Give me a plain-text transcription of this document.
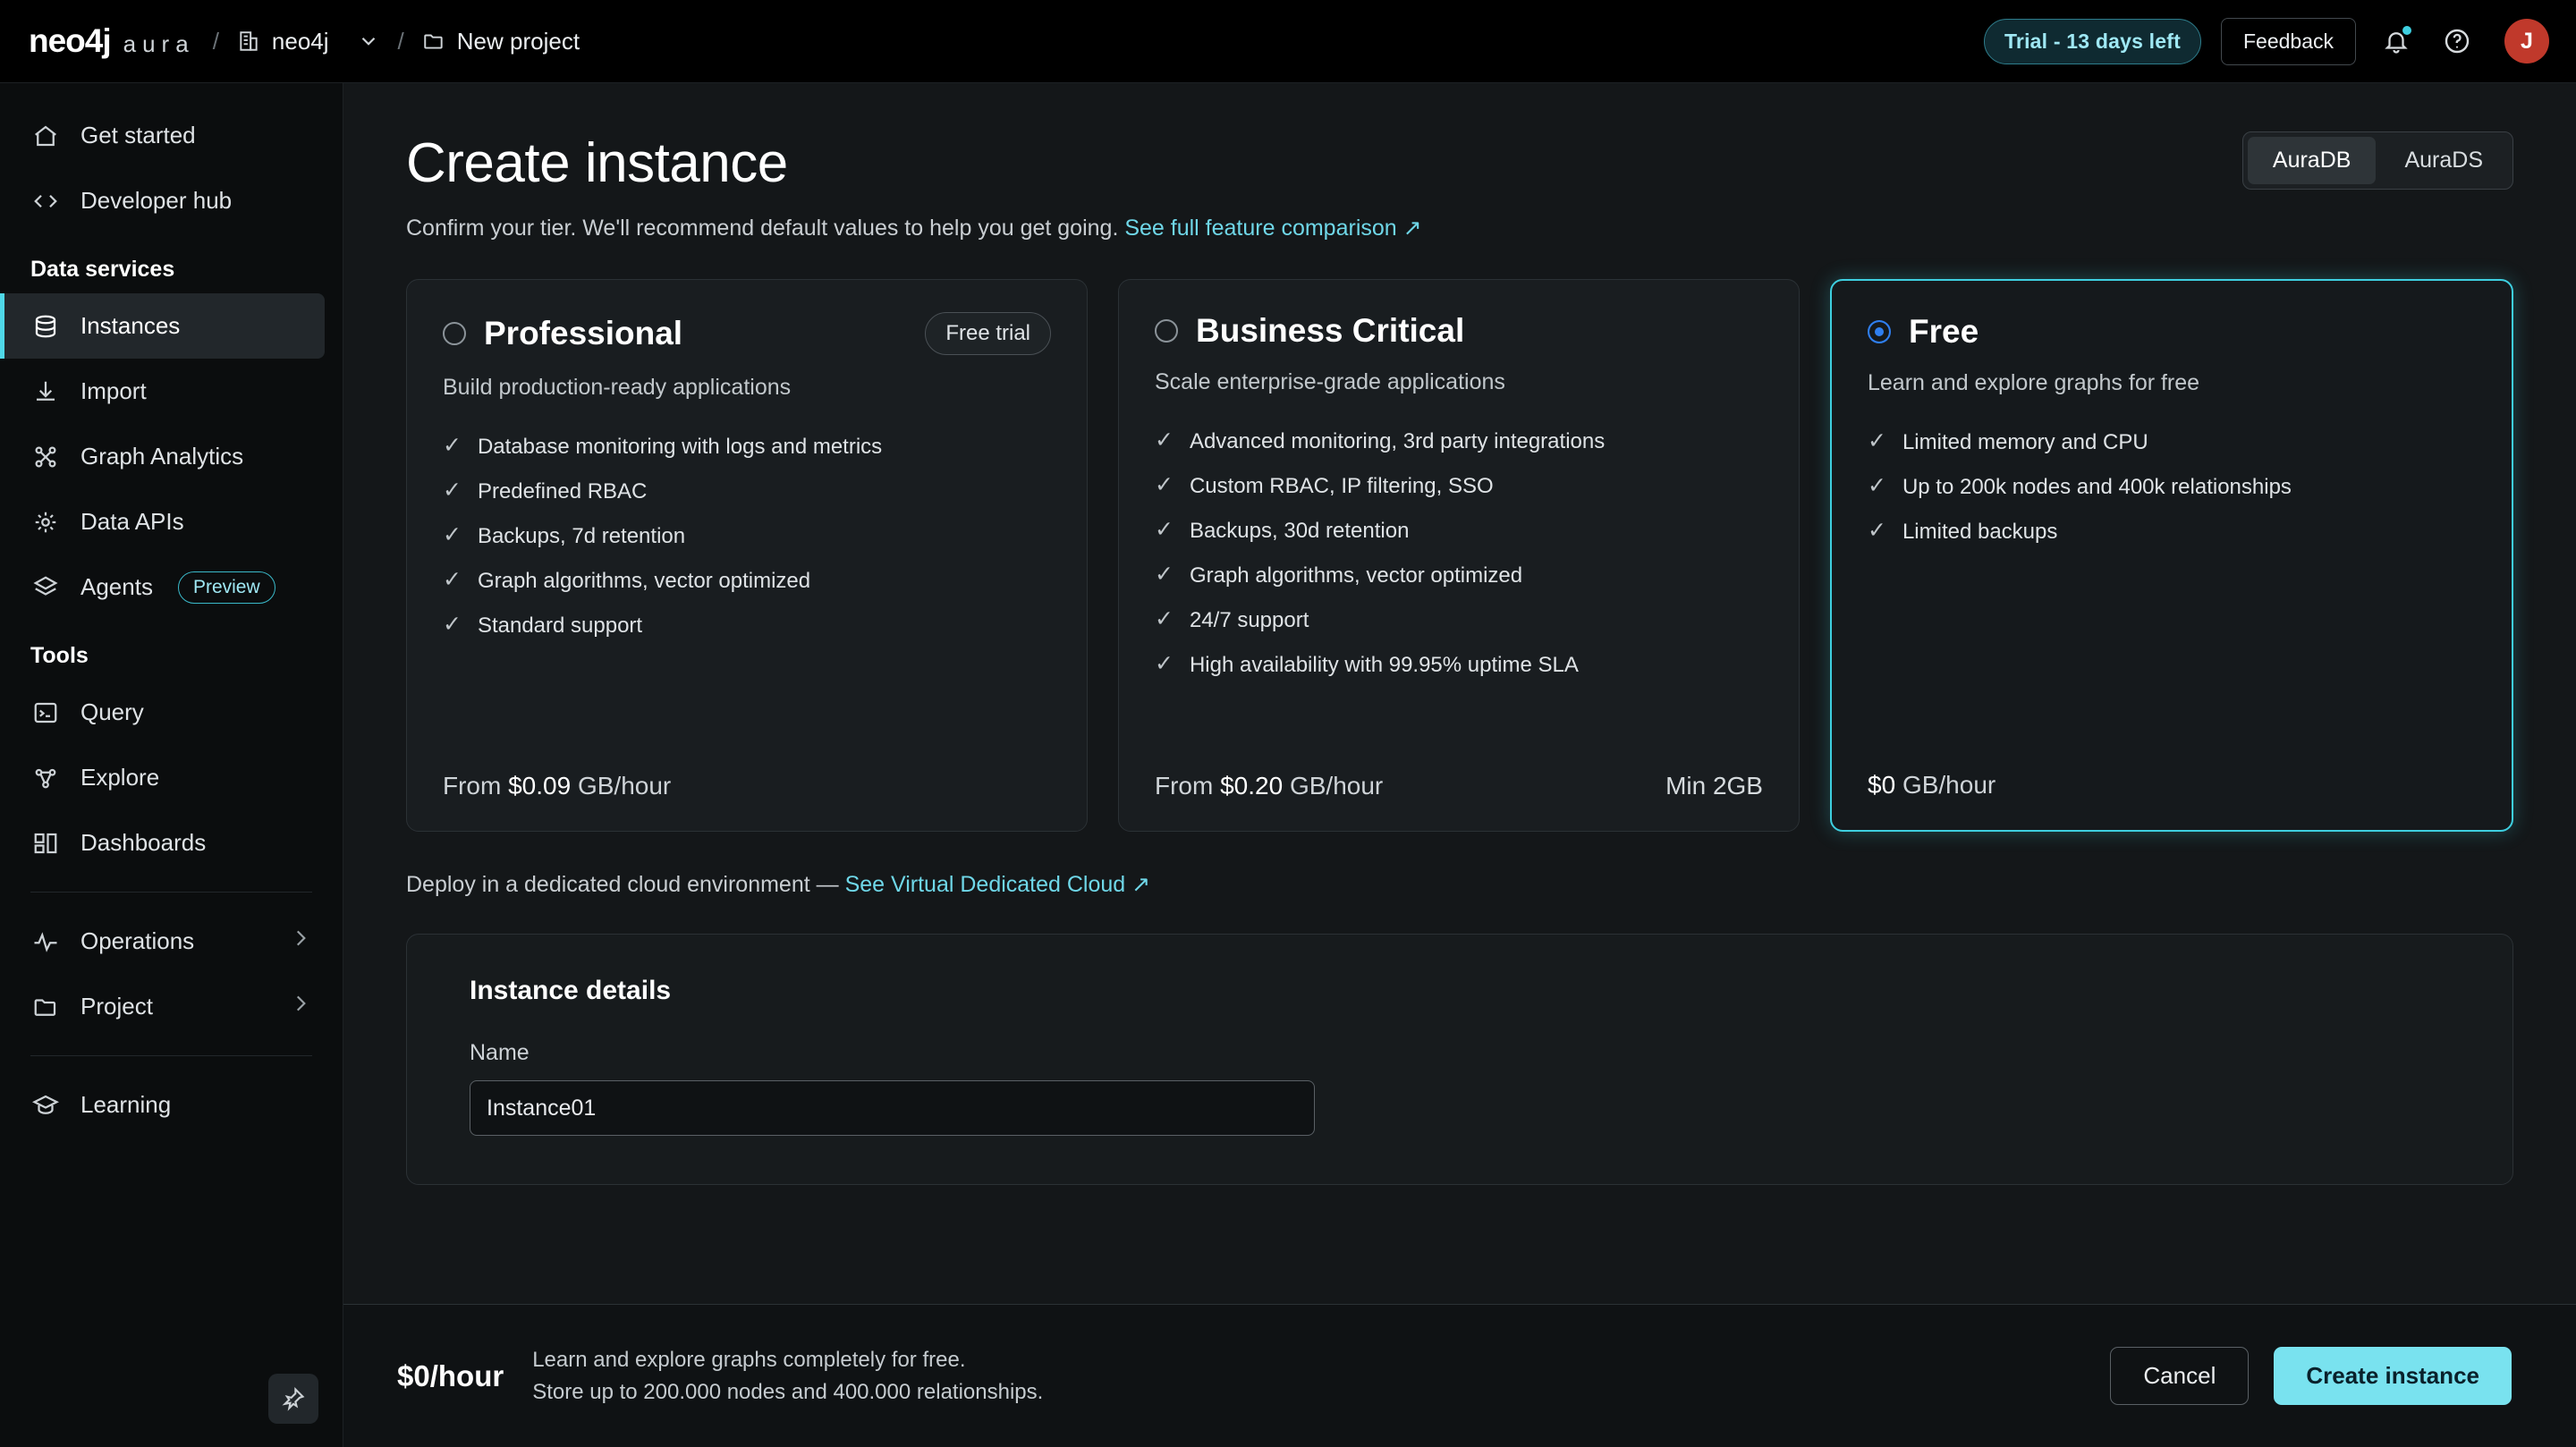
neo4j aura / neo4j	/ New project	Trial - 13 days left	Feedback	J
Get started
Developer hub
Data services
Instances
Import
Graph Analytics
Data APIs
Agents	Preview
Tools
Query
Explore
Dashboards
Operations
Project
Learning
Create instance
Confirm your tier. We'll recommend default values to help you get going. See full feature comparison ↗
AuraDB	AuraDS
Professional	Free trial
Build production-ready applications
✓ Database monitoring with logs and metrics
✓ Predefined RBAC
✓ Backups, 7d retention
✓ Graph algorithms, vector optimized
✓ Standard support
From
$0.09
GB/hour
Business Critical
Scale enterprise-grade applications
✓ Advanced monitoring, 3rd party integrations
✓ Custom RBAC, IP filtering, SSO
✓ Backups, 30d retention
✓ Graph algorithms, vector optimized
✓ 24/7 support
✓ High availability with 99.95% uptime SLA
From
$0.20
GB/hour	Min 2GB
Free
Learn and explore graphs for free
✓ Limited memory and CPU
✓ Up to 200k nodes and 400k relationships
✓ Limited backups
$0
GB/hour
Deploy in a dedicated cloud environment — See Virtual Dedicated Cloud ↗
Instance details
Name
Instance01
$0/hour Learn and explore graphs completely for free.
Store up to 200.000 nodes and 400.000 relationships.
Cancel	Create instance
